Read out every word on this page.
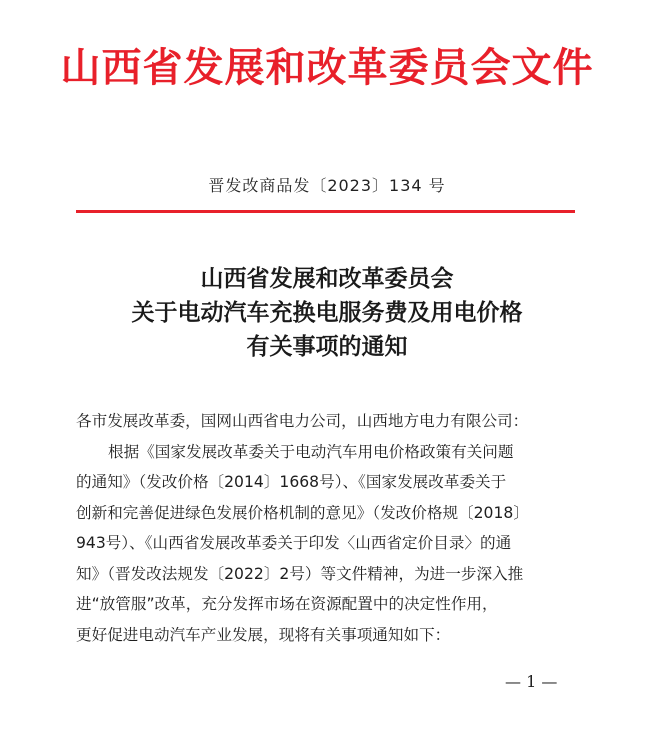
山西省发展和改革委员会文件
晋发改商品发〔2023〕134 号
山西省发展和改革委员会
关于电动汽车充换电服务费及用电价格
有关事项的通知
各市发展改革委，国网山西省电力公司，山西地方电力有限公司：
根据《国家发展改革委关于电动汽车用电价格政策有关问题
的通知》（发改价格〔2014〕1668号）、《国家发展改革委关于
创新和完善促进绿色发展价格机制的意见》（发改价格规〔2018〕
943号）、《山西省发展改革委关于印发〈山西省定价目录〉的通
知》（晋发改法规发〔2022〕2号）等文件精神，为进一步深入推
进“放管服”改革，充分发挥市场在资源配置中的决定性作用，
更好促进电动汽车产业发展，现将有关事项通知如下：
— 1 —
